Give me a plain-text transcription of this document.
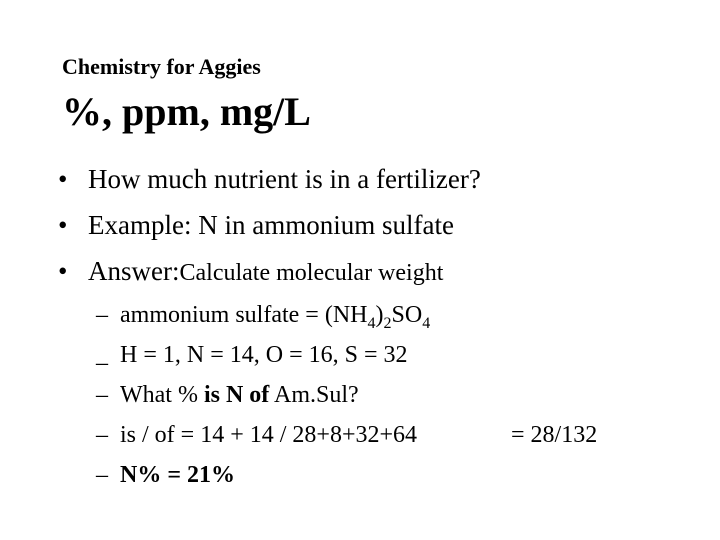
Chemistry for Aggies
%, ppm, mg/L
• How much nutrient is in a fertilizer?
• Example: N in ammonium sulfate
• Answer:Calculate molecular weight
– ammonium sulfate = $(NH_4)_2SO_4$
_ H = 1, N = 14, O = 16, S = 32
– What % is N of Am.Sul?
– is / of = 14 + 14 / 28+8+32+64	= 28/132
– N% = 21%
